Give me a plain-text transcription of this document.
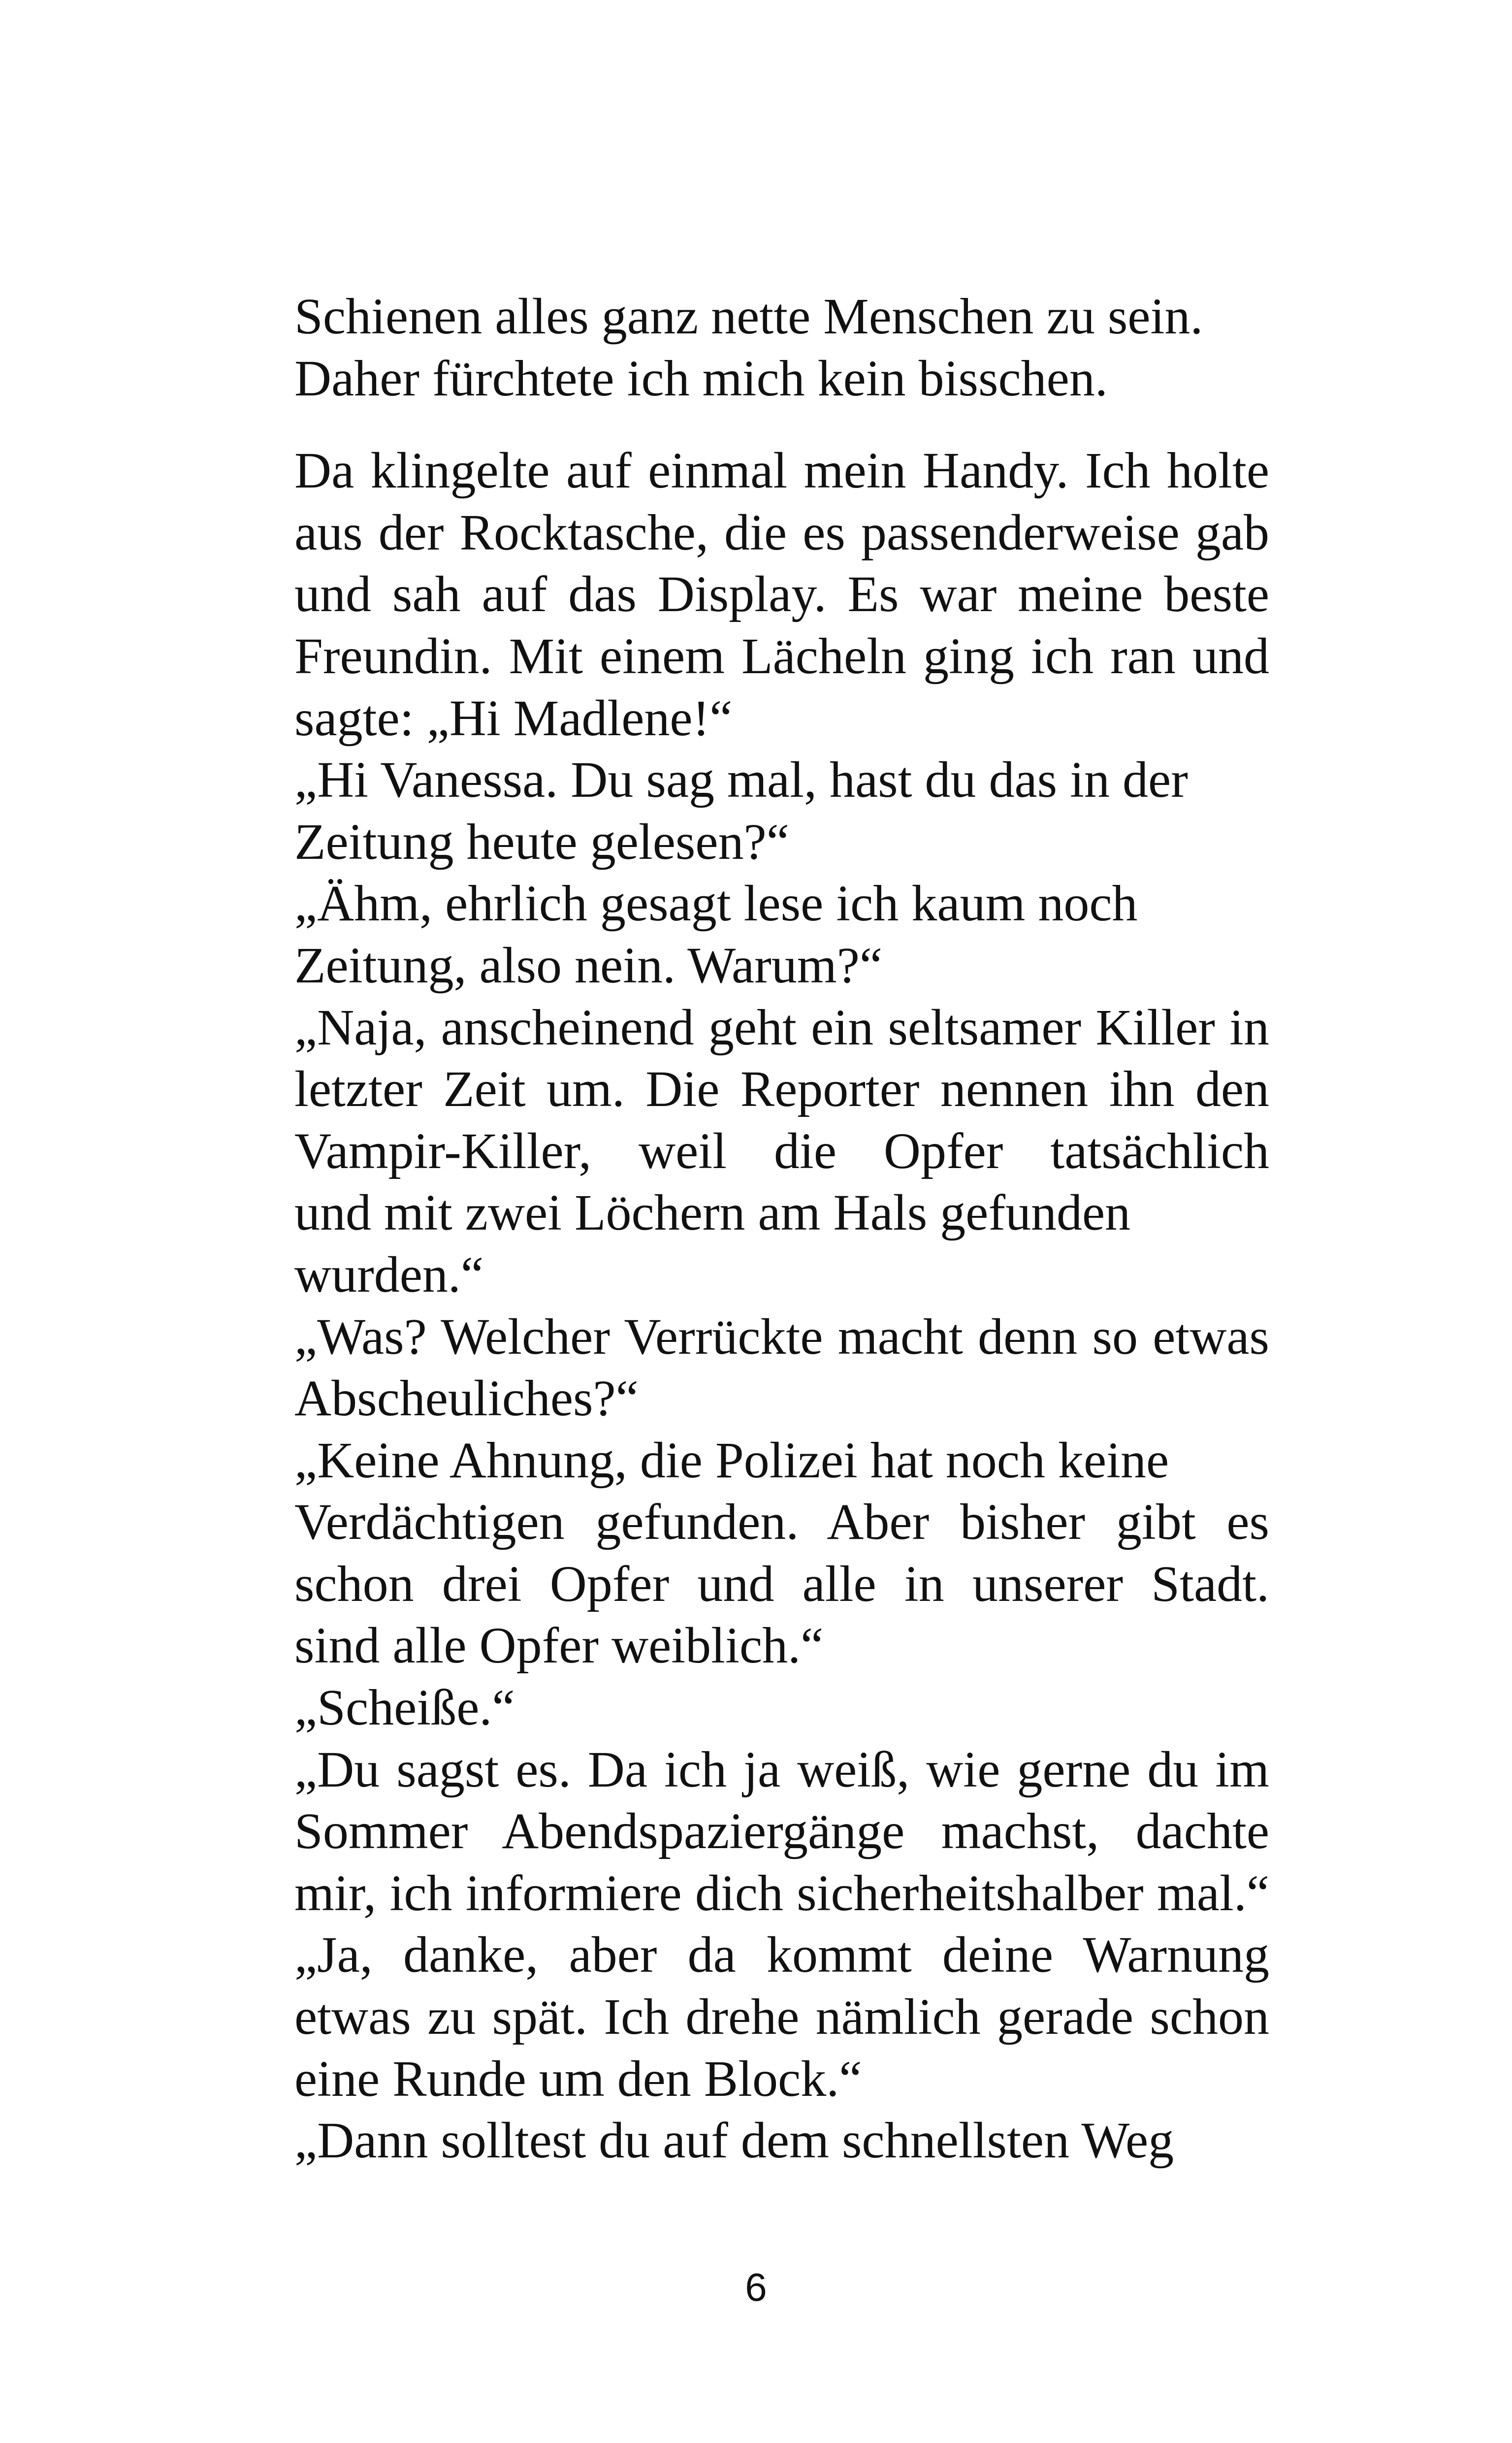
Schienen alles ganz nette Menschen zu sein.
Daher fürchtete ich mich kein bisschen.
Da klingelte auf einmal mein Handy. Ich holte
aus der Rocktasche, die es passenderweise gab
und sah auf das Display. Es war meine beste
Freundin. Mit einem Lächeln ging ich ran und
sagte: „Hi Madlene!“
„Hi Vanessa. Du sag mal, hast du das in der
Zeitung heute gelesen?“
„Ähm, ehrlich gesagt lese ich kaum noch
Zeitung, also nein. Warum?“
„Naja, anscheinend geht ein seltsamer Killer in
letzter Zeit um. Die Reporter nennen ihn den
Vampir-Killer, weil die Opfer tatsächlich
und mit zwei Löchern am Hals gefunden
wurden.“
„Was? Welcher Verrückte macht denn so etwas
Abscheuliches?“
„Keine Ahnung, die Polizei hat noch keine
Verdächtigen gefunden. Aber bisher gibt es
schon drei Opfer und alle in unserer Stadt.
sind alle Opfer weiblich.“
„Scheiße.“
„Du sagst es. Da ich ja weiß, wie gerne du im
Sommer Abendspaziergänge machst, dachte
mir, ich informiere dich sicherheitshalber mal.“
„Ja, danke, aber da kommt deine Warnung
etwas zu spät. Ich drehe nämlich gerade schon
eine Runde um den Block.“
„Dann solltest du auf dem schnellsten Weg
6
